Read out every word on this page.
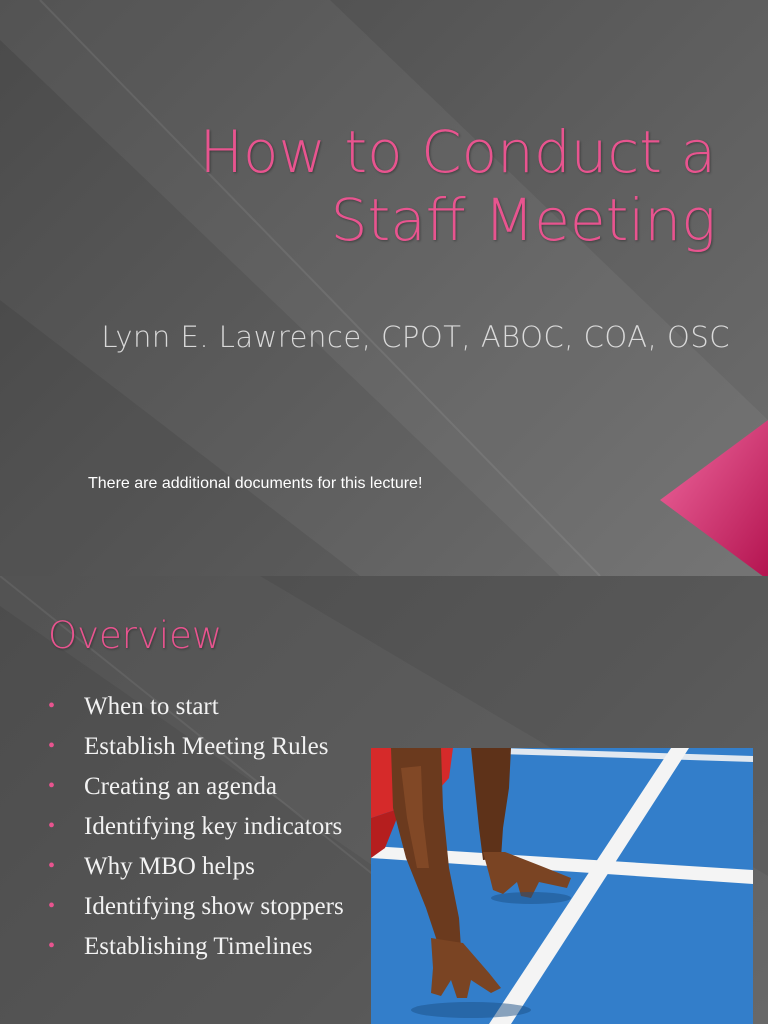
How to Conduct a
Staff Meeting
Lynn E. Lawrence, CPOT, ABOC, COA, OSC
There are additional documents for this lecture!
Overview
• When to start
• Establish Meeting Rules
• Creating an agenda
• Identifying key indicators
• Why MBO helps
• Identifying show stoppers
• Establishing Timelines
